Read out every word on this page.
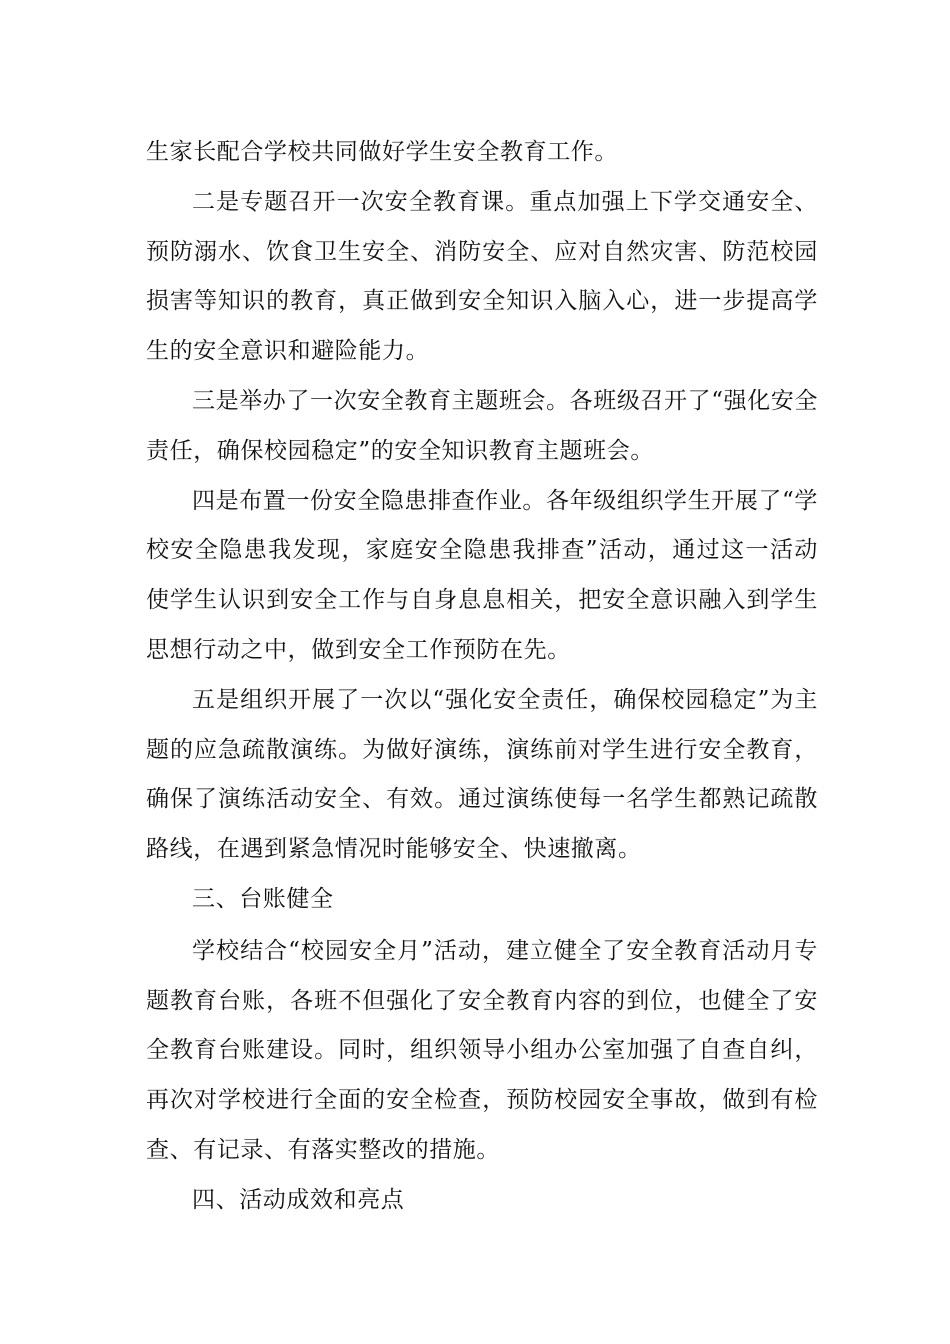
生家长配合学校共同做好学生安全教育工作。

二是专题召开一次安全教育课。重点加强上下学交通安全、预防溺水、饮食卫生安全、消防安全、应对自然灾害、防范校园损害等知识的教育，真正做到安全知识入脑入心，进一步提高学生的安全意识和避险能力。

三是举办了一次安全教育主题班会。各班级召开了“强化安全责任，确保校园稳定”的安全知识教育主题班会。

四是布置一份安全隐患排查作业。各年级组织学生开展了“学校安全隐患我发现，家庭安全隐患我排查”活动，通过这一活动使学生认识到安全工作与自身息息相关，把安全意识融入到学生思想行动之中，做到安全工作预防在先。

五是组织开展了一次以“强化安全责任，确保校园稳定”为主题的应急疏散演练。为做好演练，演练前对学生进行安全教育，确保了演练活动安全、有效。通过演练使每一名学生都熟记疏散路线，在遇到紧急情况时能够安全、快速撤离。

三、台账健全

学校结合“校园安全月”活动，建立健全了安全教育活动月专题教育台账，各班不但强化了安全教育内容的到位，也健全了安全教育台账建设。同时，组织领导小组办公室加强了自查自纠，再次对学校进行全面的安全检查，预防校园安全事故，做到有检查、有记录、有落实整改的措施。

四、活动成效和亮点
